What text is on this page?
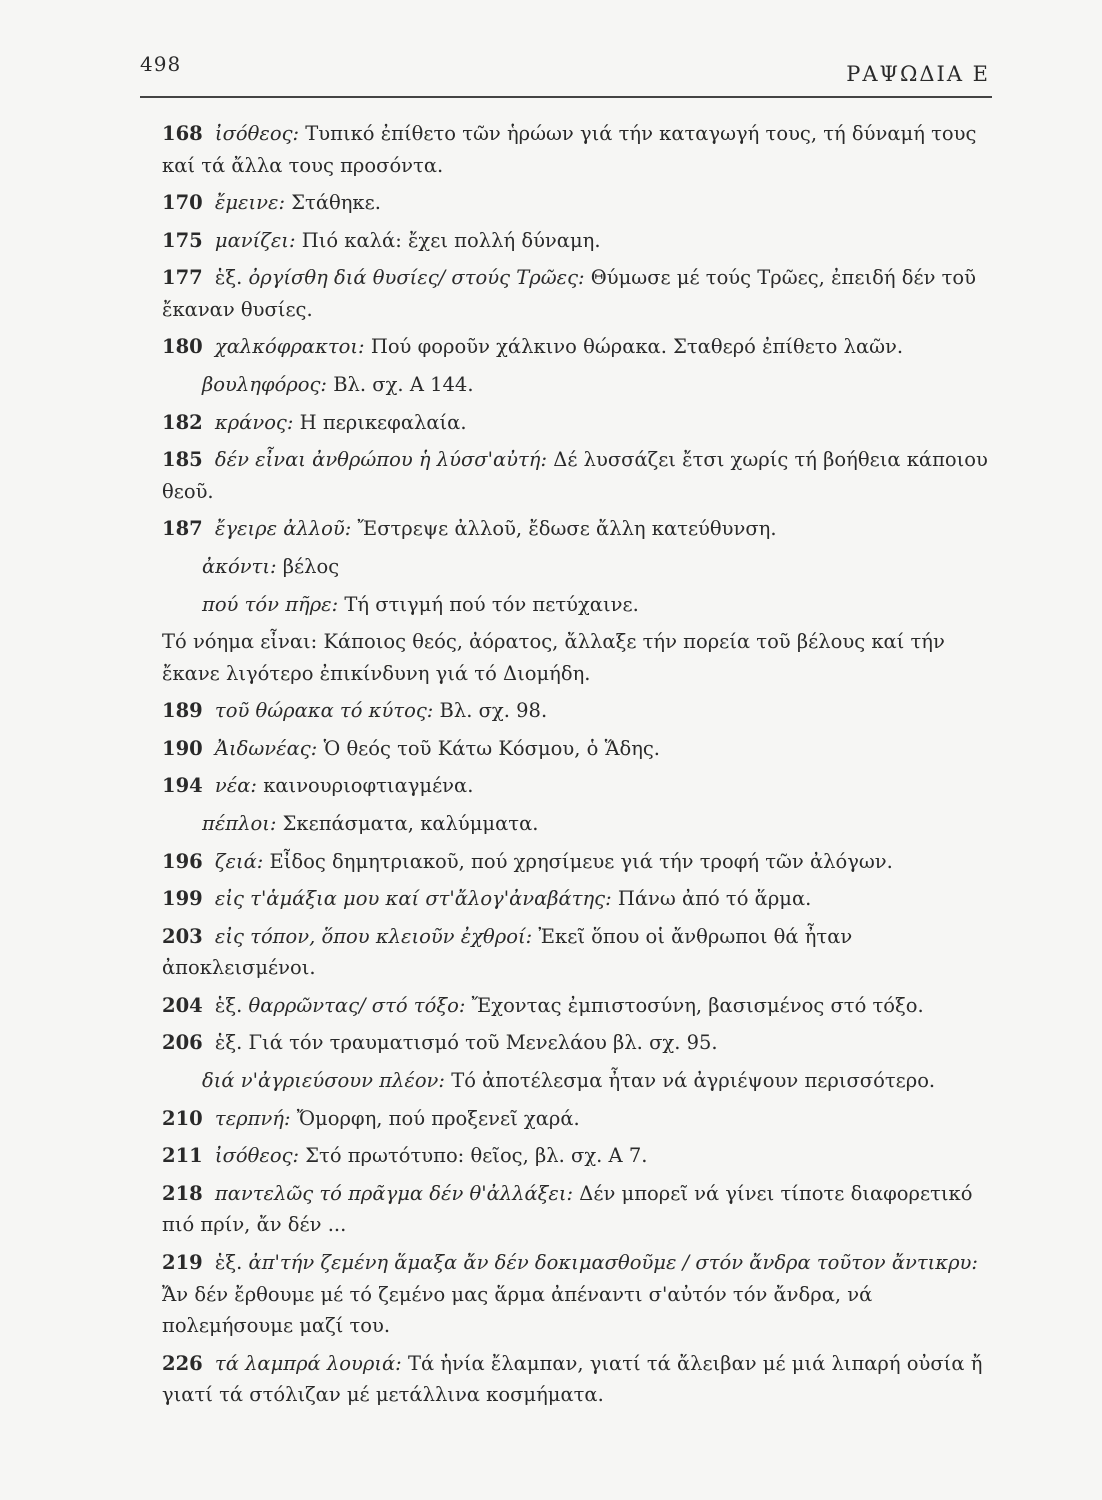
498	ΡΑΨΩΔΙΑ Ε

168 ἰσόθεος: Τυπικό ἐπίθετο τῶν ἡρώων γιά τήν καταγωγή τους, τή δύναμή τους καί τά ἄλλα τους προσόντα.

170 ἔμεινε: Στάθηκε.

175 μανίζει: Πιό καλά: ἔχει πολλή δύναμη.

177 ἑξ. ὀργίσθη διά θυσίες/ στούς Τρῶες: Θύμωσε μέ τούς Τρῶες, ἐπειδή δέν τοῦ ἔκαναν θυσίες.

180 χαλκόφρακτοι: Πού φοροῦν χάλκινο θώρακα. Σταθερό ἐπίθετο λαῶν.

βουληφόρος: Βλ. σχ. Α 144.

182 κράνος: Η περικεφαλαία.

185 δέν εἶναι ἀνθρώπου ἡ λύσσ'αὐτή: Δέ λυσσάζει ἔτσι χωρίς τή βοήθεια κάποιου θεοῦ.

187 ἔγειρε ἀλλοῦ: Ἔστρεψε ἀλλοῦ, ἔδωσε ἄλλη κατεύθυνση.

ἀκόντι: βέλος

πού τόν πῆρε: Τή στιγμή πού τόν πετύχαινε.

Τό νόημα εἶναι: Κάποιος θεός, ἀόρατος, ἄλλαξε τήν πορεία τοῦ βέλους καί τήν ἔκανε λιγότερο ἐπικίνδυνη γιά τό Διομήδη.

189 τοῦ θώρακα τό κύτος: Βλ. σχ. 98.

190 Ἀιδωνέας: Ὁ θεός τοῦ Κάτω Κόσμου, ὁ Ἅδης.

194 νέα: καινουριοφτιαγμένα.

πέπλοι: Σκεπάσματα, καλύμματα.

196 ζειά: Εἶδος δημητριακοῦ, πού χρησίμευε γιά τήν τροφή τῶν ἀλόγων.

199 εἰς τ'ἁμάξια μου καί στ'ἄλογ'ἀναβάτης: Πάνω ἀπό τό ἅρμα.

203 εἰς τόπον, ὅπου κλειοῦν ἐχθροί: Ἐκεῖ ὅπου οἱ ἄνθρωποι θά ἦταν ἀποκλεισμένοι.

204 ἑξ. θαρρῶντας/ στό τόξο: Ἔχοντας ἐμπιστοσύνη, βασισμένος στό τόξο.

206 ἑξ. Γιά τόν τραυματισμό τοῦ Μενελάου βλ. σχ. 95.

διά ν'ἀγριεύσουν πλέον: Τό ἀποτέλεσμα ἦταν νά ἀγριέψουν περισσότερο.

210 τερπνή: Ὄμορφη, πού προξενεῖ χαρά.

211 ἰσόθεος: Στό πρωτότυπο: θεῖος, βλ. σχ. Α 7.

218 παντελῶς τό πρᾶγμα δέν θ'ἀλλάξει: Δέν μπορεῖ νά γίνει τίποτε διαφορετικό πιό πρίν, ἄν δέν ...

219 ἑξ. ἀπ'τήν ζεμένη ἅμαξα ἄν δέν δοκιμασθοῦμε / στόν ἄνδρα τοῦτον ἄντικρυ: Ἄν δέν ἔρθουμε μέ τό ζεμένο μας ἅρμα ἀπέναντι σ'αὐτόν τόν ἄνδρα, νά πολεμήσουμε μαζί του.

226 τά λαμπρά λουριά: Τά ἡνία ἔλαμπαν, γιατί τά ἄλειβαν μέ μιά λιπαρή οὐσία ἤ γιατί τά στόλιζαν μέ μετάλλινα κοσμήματα.
